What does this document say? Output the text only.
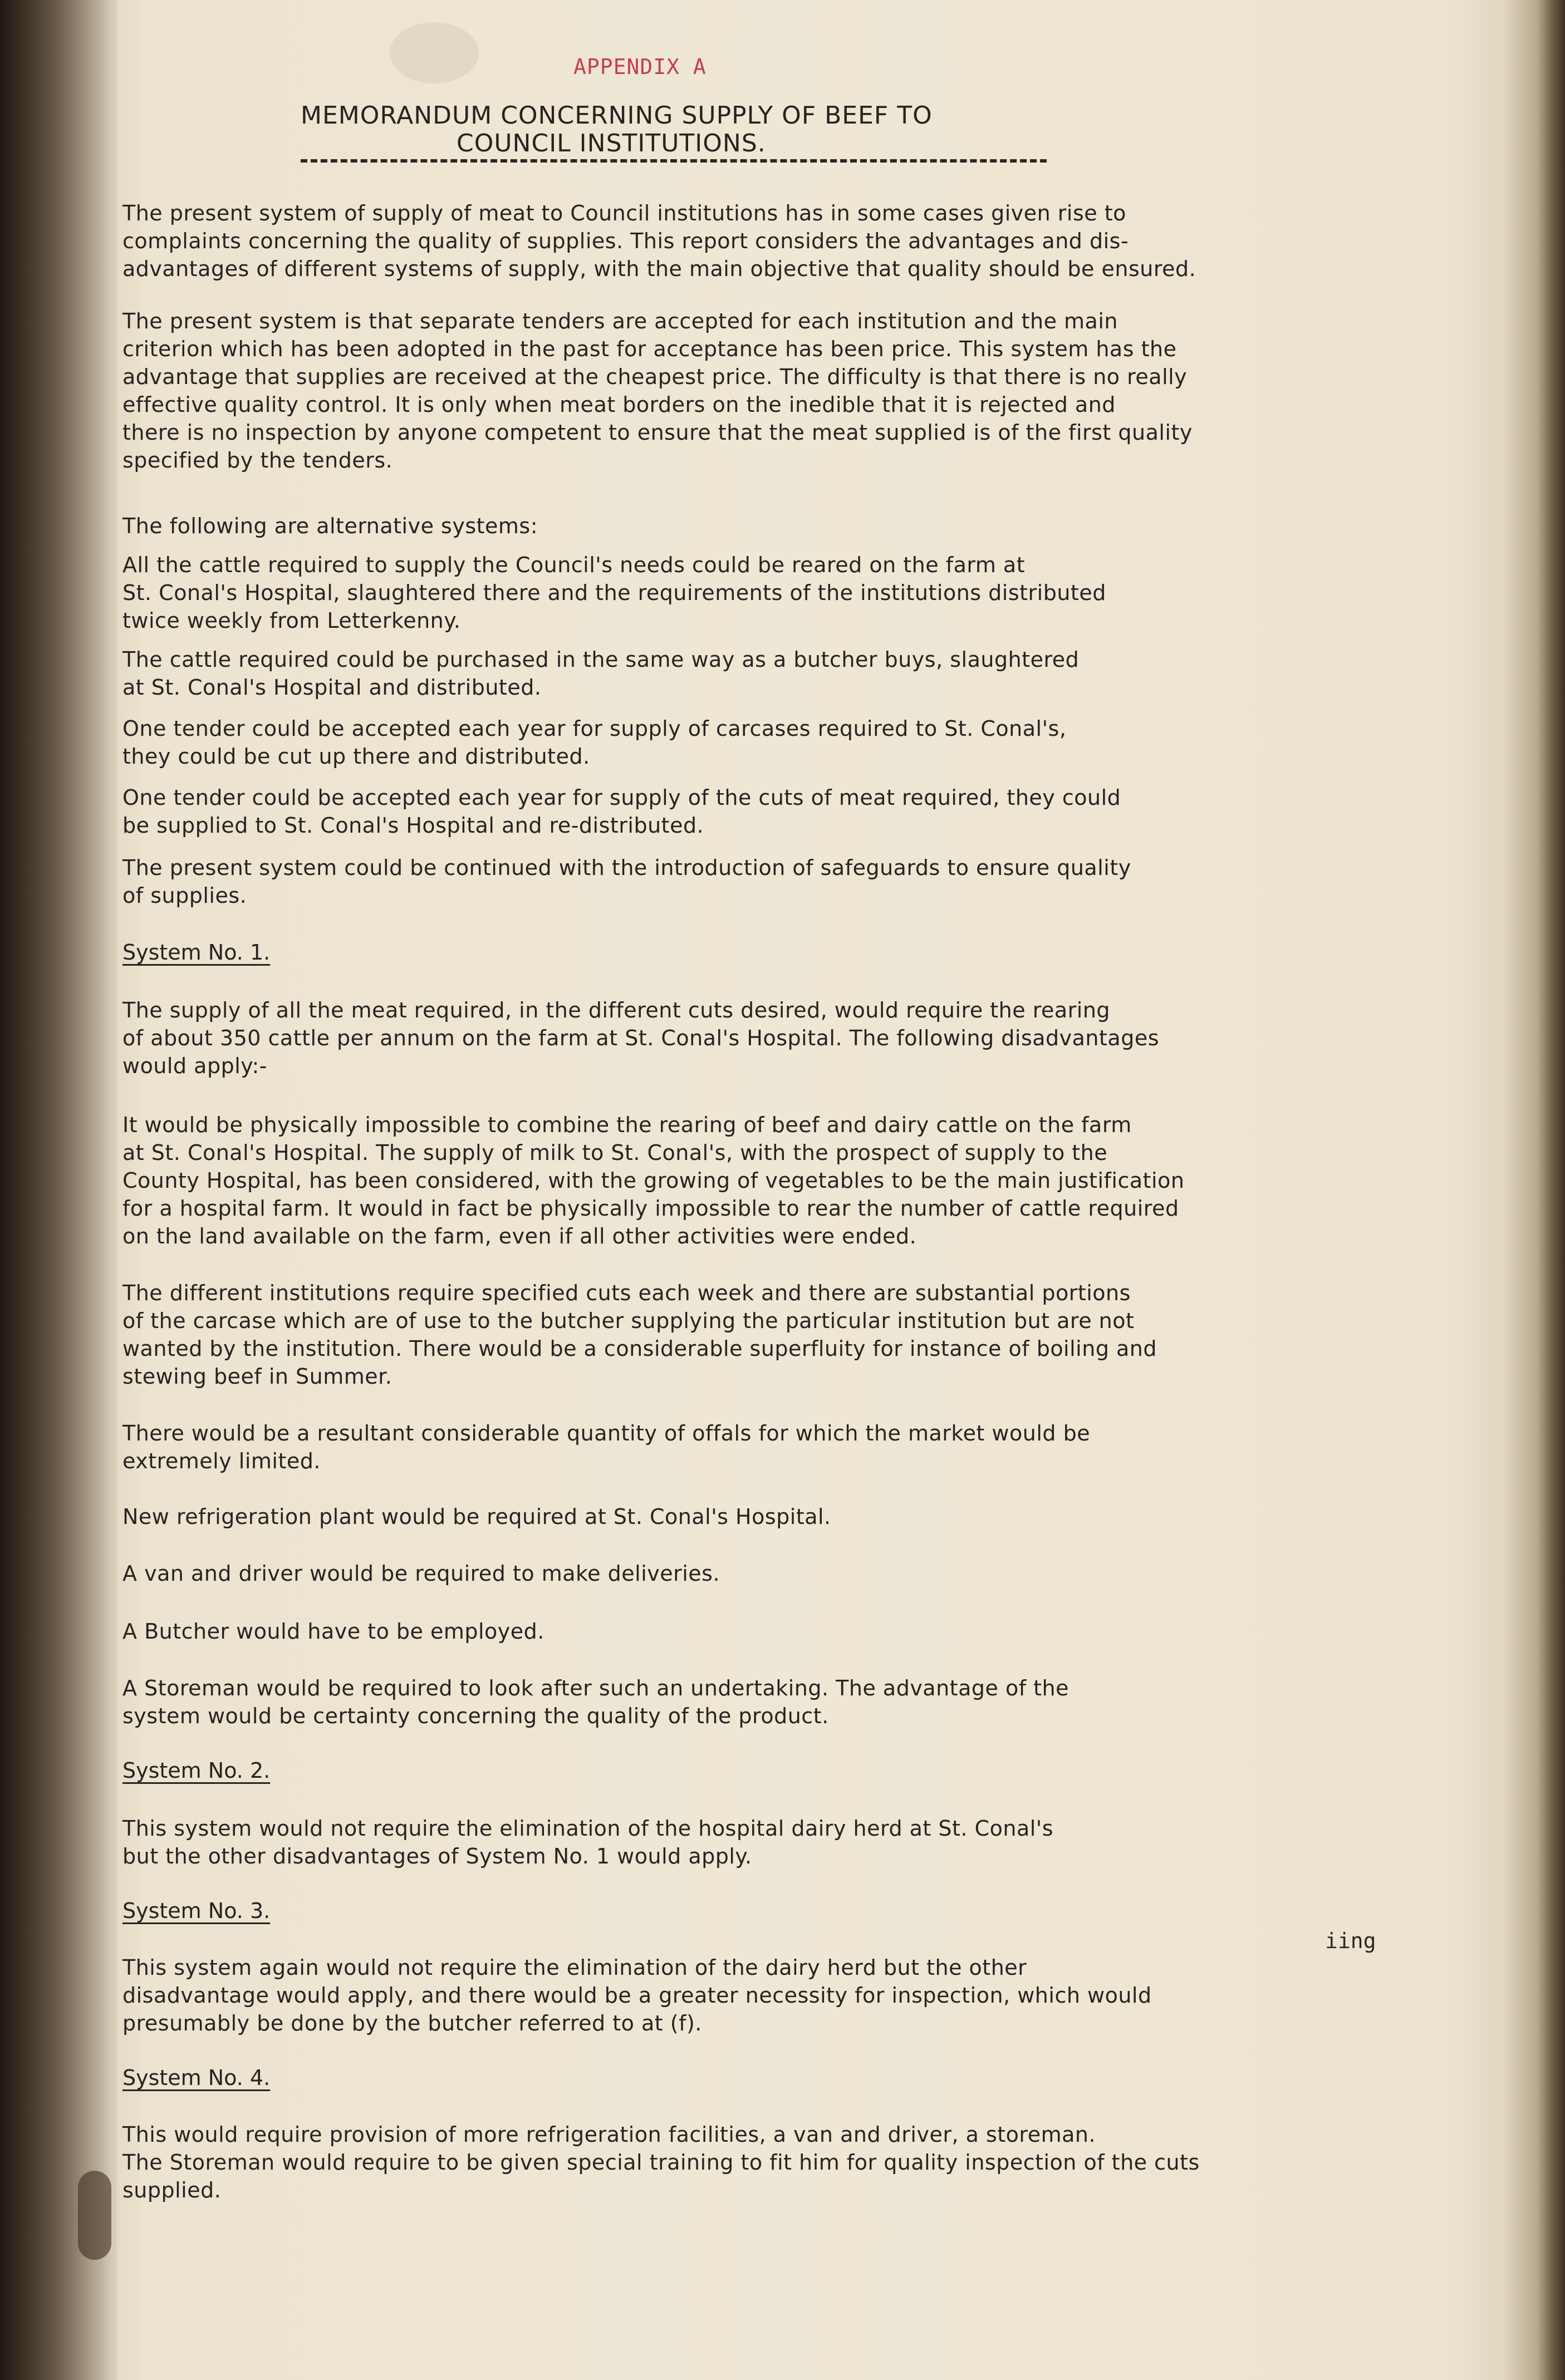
APPENDIX A
MEMORANDUM CONCERNING SUPPLY OF BEEF TO
COUNCIL INSTITUTIONS.
The present system of supply of meat to Council institutions has in some cases given rise to
complaints concerning the quality of supplies. This report considers the advantages and dis-
advantages of different systems of supply, with the main objective that quality should be ensured.
The present system is that separate tenders are accepted for each institution and the main
criterion which has been adopted in the past for acceptance has been price. This system has the
advantage that supplies are received at the cheapest price. The difficulty is that there is no really
effective quality control. It is only when meat borders on the inedible that it is rejected and
there is no inspection by anyone competent to ensure that the meat supplied is of the first quality
specified by the tenders.
The following are alternative systems:
All the cattle required to supply the Council's needs could be reared on the farm at
St. Conal's Hospital, slaughtered there and the requirements of the institutions distributed
twice weekly from Letterkenny.
The cattle required could be purchased in the same way as a butcher buys, slaughtered
at St. Conal's Hospital and distributed.
One tender could be accepted each year for supply of carcases required to St. Conal's,
they could be cut up there and distributed.
One tender could be accepted each year for supply of the cuts of meat required, they could
be supplied to St. Conal's Hospital and re-distributed.
The present system could be continued with the introduction of safeguards to ensure quality
of supplies.
System No. 1.
The supply of all the meat required, in the different cuts desired, would require the rearing
of about 350 cattle per annum on the farm at St. Conal's Hospital. The following disadvantages
would apply:-
It would be physically impossible to combine the rearing of beef and dairy cattle on the farm
at St. Conal's Hospital. The supply of milk to St. Conal's, with the prospect of supply to the
County Hospital, has been considered, with the growing of vegetables to be the main justification
for a hospital farm. It would in fact be physically impossible to rear the number of cattle required
on the land available on the farm, even if all other activities were ended.
The different institutions require specified cuts each week and there are substantial portions
of the carcase which are of use to the butcher supplying the particular institution but are not
wanted by the institution. There would be a considerable superfluity for instance of boiling and
stewing beef in Summer.
There would be a resultant considerable quantity of offals for which the market would be
extremely limited.
New refrigeration plant would be required at St. Conal's Hospital.
A van and driver would be required to make deliveries.
A Butcher would have to be employed.
A Storeman would be required to look after such an undertaking. The advantage of the
system would be certainty concerning the quality of the product.
System No. 2.
This system would not require the elimination of the hospital dairy herd at St. Conal's
but the other disadvantages of System No. 1 would apply.
System No. 3.
This system again would not require the elimination of the dairy herd but the other
disadvantage would apply, and there would be a greater necessity for inspection, which would
presumably be done by the butcher referred to at (f).
System No. 4.
This would require provision of more refrigeration facilities, a van and driver, a storeman.
The Storeman would require to be given special training to fit him for quality inspection of the cuts
supplied.
iing
